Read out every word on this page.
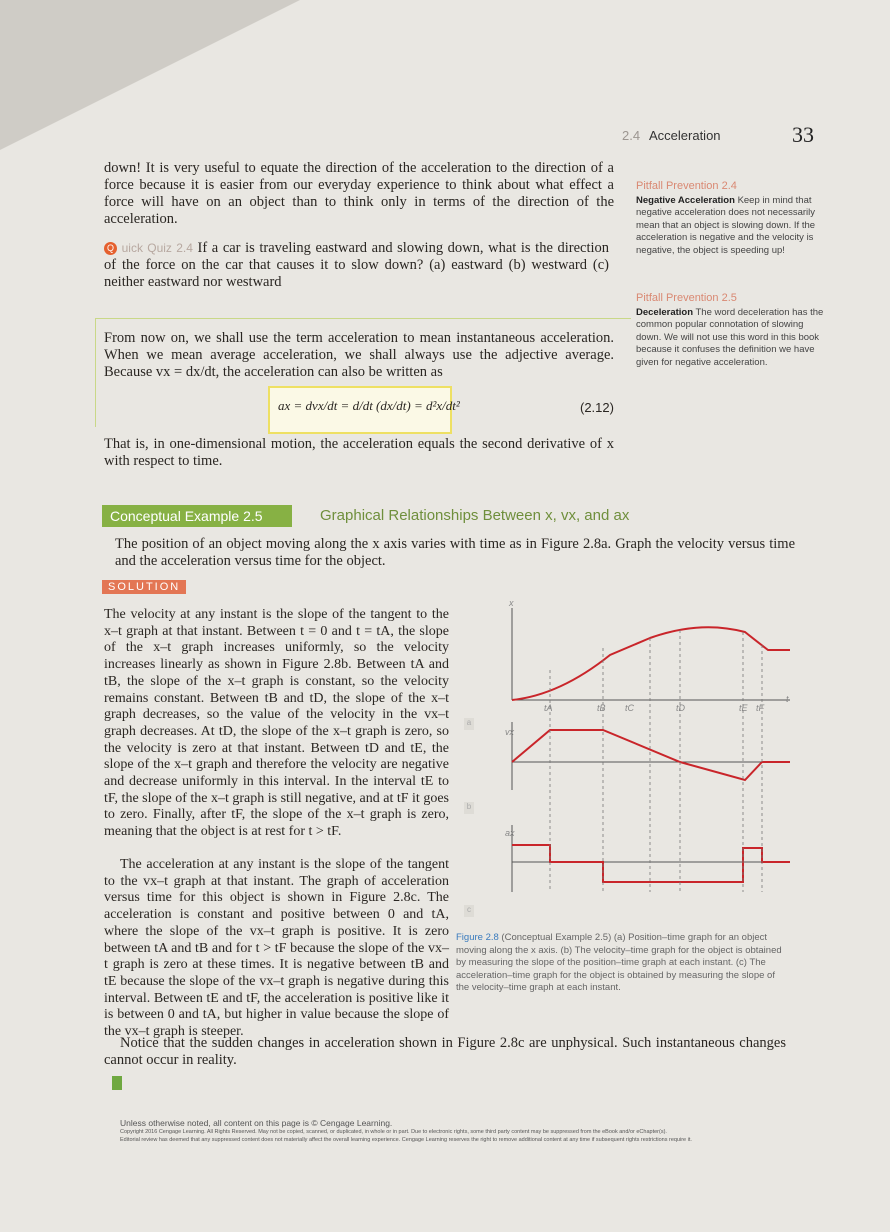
2.4 Acceleration	33
down! It is very useful to equate the direction of the acceleration to the direction of a force because it is easier from our everyday experience to think about what effect a force will have on an object than to think only in terms of the direction of the acceleration.
Q uick Quiz 2.4 If a car is traveling eastward and slowing down, what is the direction of the force on the car that causes it to slow down? (a) eastward (b) westward (c) neither eastward nor westward
Pitfall Prevention 2.4
Negative Acceleration Keep in mind that negative acceleration does not necessarily mean that an object is slowing down. If the acceleration is negative and the velocity is negative, the object is speeding up!
Pitfall Prevention 2.5
Deceleration The word deceleration has the common popular connotation of slowing down. We will not use this word in this book because it confuses the definition we have given for negative acceleration.
From now on, we shall use the term acceleration to mean instantaneous acceleration. When we mean average acceleration, we shall always use the adjective average. Because vx = dx/dt, the acceleration can also be written as
ax = dvx/dt = d/dt (dx/dt) = d²x/dt²	(2.12)
That is, in one-dimensional motion, the acceleration equals the second derivative of x with respect to time.
Conceptual Example 2.5	Graphical Relationships Between x, vx, and ax
The position of an object moving along the x axis varies with time as in Figure 2.8a. Graph the velocity versus time and the acceleration versus time for the object.
SOLUTION
The velocity at any instant is the slope of the tangent to the x–t graph at that instant. Between t = 0 and t = tA, the slope of the x–t graph increases uniformly, so the velocity increases linearly as shown in Figure 2.8b. Between tA and tB, the slope of the x–t graph is constant, so the velocity remains constant. Between tB and tD, the slope of the x–t graph decreases, so the value of the velocity in the vx–t graph decreases. At tD, the slope of the x–t graph is zero, so the velocity is zero at that instant. Between tD and tE, the slope of the x–t graph and therefore the velocity are negative and decrease uniformly in this interval. In the interval tE to tF, the slope of the x–t graph is still negative, and at tF it goes to zero. Finally, after tF, the slope of the x–t graph is zero, meaning that the object is at rest for t > tF.
The acceleration at any instant is the slope of the tangent to the vx–t graph at that instant. The graph of acceleration versus time for this object is shown in Figure 2.8c. The acceleration is constant and positive between 0 and tA, where the slope of the vx–t graph is positive. It is zero between tA and tB and for t > tF because the slope of the vx–t graph is zero at these times. It is negative between tB and tE because the slope of the vx–t graph is negative during this interval. Between tE and tF, the acceleration is positive like it is between 0 and tA, but higher in value because the slope of the vx–t graph is steeper.
Notice that the sudden changes in acceleration shown in Figure 2.8c are unphysical. Such instantaneous changes cannot occur in reality.
a
b
c
x
vx
ax
t
tA	tB tC	tD	tE tF
Figure 2.8 (Conceptual Example 2.5) (a) Position–time graph for an object moving along the x axis. (b) The velocity–time graph for the object is obtained by measuring the slope of the position–time graph at each instant. (c) The acceleration–time graph for the object is obtained by measuring the slope of the velocity–time graph at each instant.
Unless otherwise noted, all content on this page is © Cengage Learning.
Copyright 2016 Cengage Learning. All Rights Reserved. May not be copied, scanned, or duplicated, in whole or in part. Due to electronic rights, some third party content may be suppressed from the eBook and/or eChapter(s).
Editorial review has deemed that any suppressed content does not materially affect the overall learning experience. Cengage Learning reserves the right to remove additional content at any time if subsequent rights restrictions require it.
